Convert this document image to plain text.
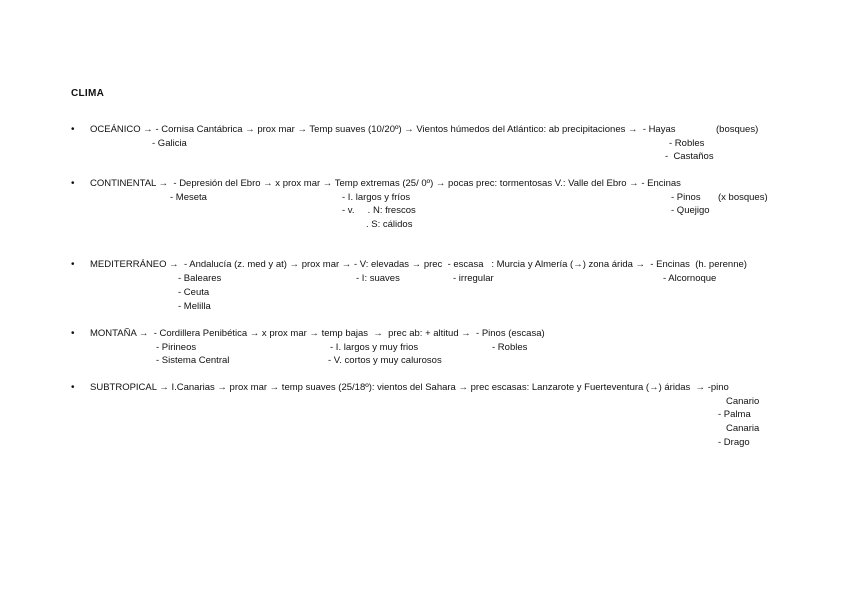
CLIMA
• OCEÁNICO → - Cornisa Cantábrica → prox mar → Temp suaves (10/20º) → Vientos húmedos del Atlántico: ab precipitaciones →  - Hayas	(bosques)
- Galicia	- Robles
-  Castaños
• CONTINENTAL →  - Depresión del Ebro → x prox mar → Temp extremas (25/ 0º) → pocas prec: tormentosas V.: Valle del Ebro → - Encinas
- Meseta	- I. largos y fríos	- Pinos (x bosques)
- v.     . N: frescos	- Quejigo
. S: cálidos
• MEDITERRÁNEO →  - Andalucía (z. med y at) → prox mar → - V: elevadas → prec  - escasa   : Murcia y Almería (→) zona árida →  - Encinas  (h. perenne)
- Baleares	- I: suaves	- irregular	- Alcornoque
- Ceuta
- Melilla
• MONTAÑA →  - Cordillera Penibética → x prox mar → temp bajas  →  prec ab: + altitud →  - Pinos (escasa)
- Pirineos	- I. largos y muy frios	- Robles
- Sistema Central	- V. cortos y muy calurosos
• SUBTROPICAL → I.Canarias → prox mar → temp suaves (25/18º): vientos del Sahara → prec escasas: Lanzarote y Fuerteventura (→) áridas  → -pino
Canario
- Palma
Canaria
- Drago
